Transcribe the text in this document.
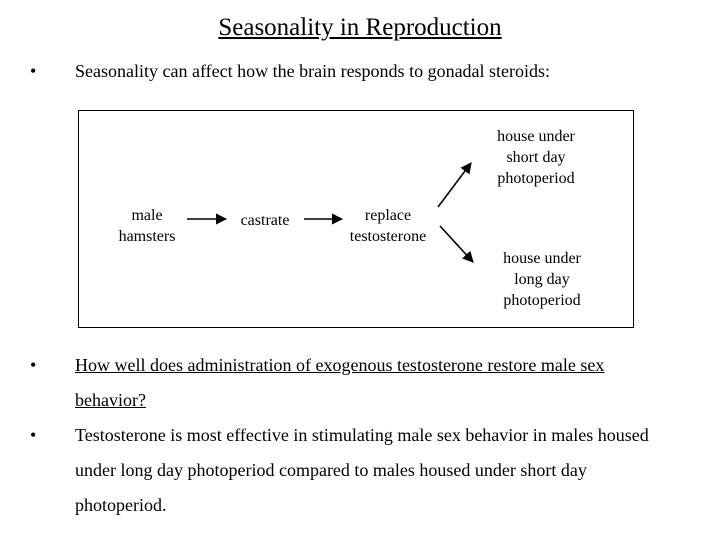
Seasonality in Reproduction
• Seasonality can affect how the brain responds to gonadal steroids:
male
hamsters
castrate	replace
testosterone
house under
short day
photoperiod
house under
long day
photoperiod
• How well does administration of exogenous testosterone restore male sex
behavior?
• Testosterone is most effective in stimulating male sex behavior in males housed
under long day photoperiod compared to males housed under short day
photoperiod.
